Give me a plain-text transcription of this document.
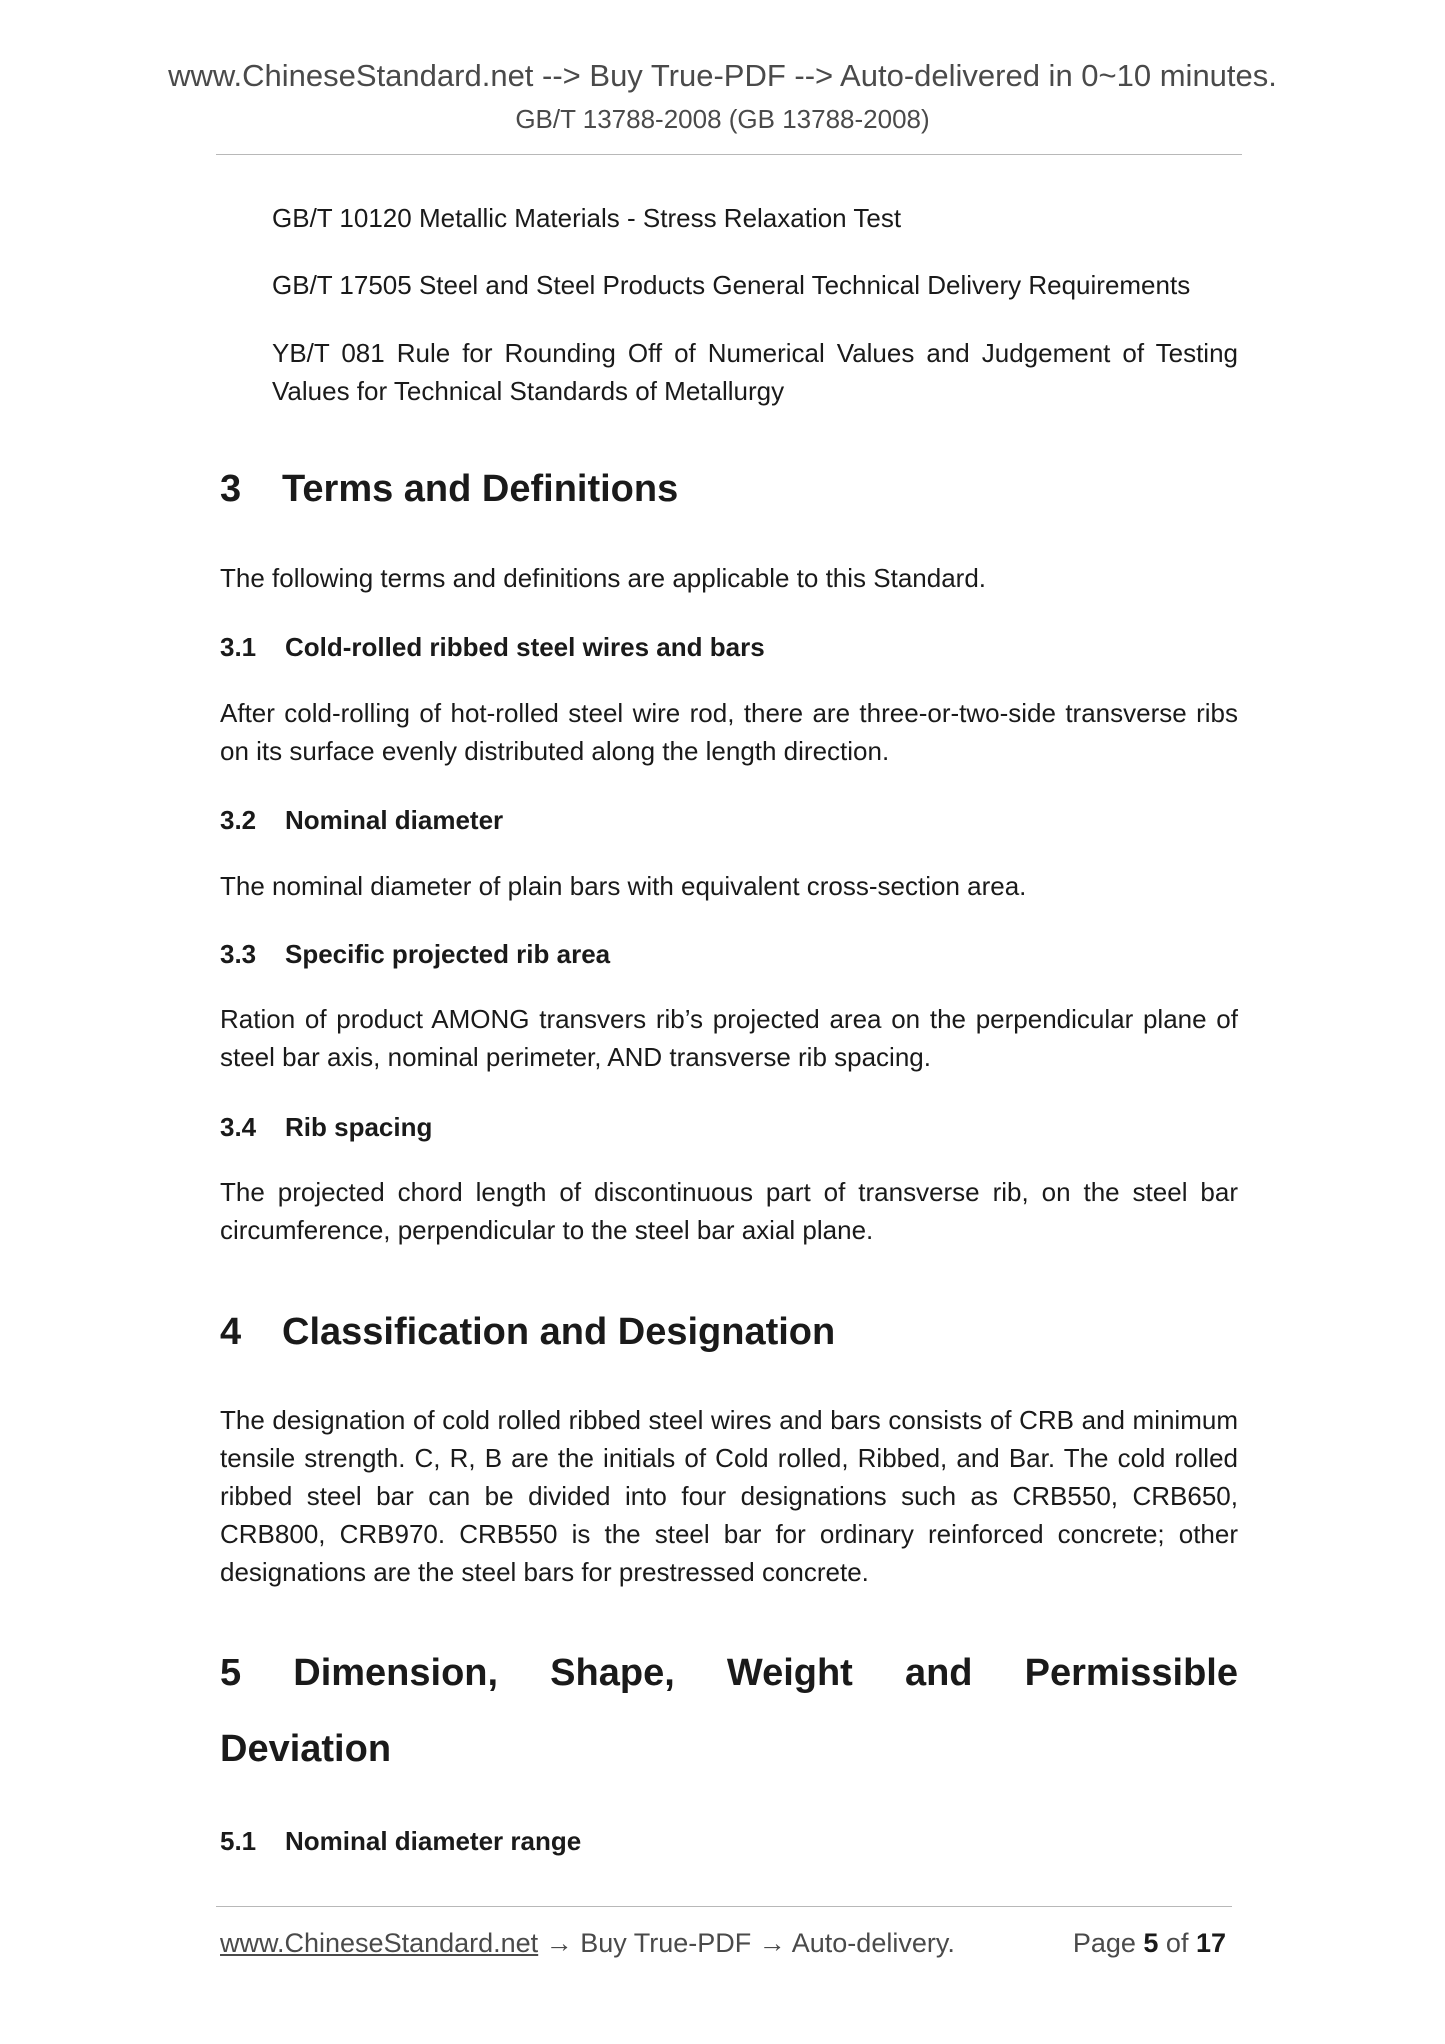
www.ChineseStandard.net --> Buy True-PDF --> Auto-delivered in 0~10 minutes.
GB/T 13788-2008 (GB 13788-2008)
GB/T 10120 Metallic Materials - Stress Relaxation Test
GB/T 17505 Steel and Steel Products General Technical Delivery Requirements
YB/T 081 Rule for Rounding Off of Numerical Values and Judgement of Testing Values for Technical Standards of Metallurgy
3 Terms and Definitions
The following terms and definitions are applicable to this Standard.
3.1 Cold-rolled ribbed steel wires and bars
After cold-rolling of hot-rolled steel wire rod, there are three-or-two-side transverse ribs on its surface evenly distributed along the length direction.
3.2 Nominal diameter
The nominal diameter of plain bars with equivalent cross-section area.
3.3 Specific projected rib area
Ration of product AMONG transvers rib’s projected area on the perpendicular plane of steel bar axis, nominal perimeter, AND transverse rib spacing.
3.4 Rib spacing
The projected chord length of discontinuous part of transverse rib, on the steel bar circumference, perpendicular to the steel bar axial plane.
4 Classification and Designation
The designation of cold rolled ribbed steel wires and bars consists of CRB and minimum tensile strength. C, R, B are the initials of Cold rolled, Ribbed, and Bar. The cold rolled ribbed steel bar can be divided into four designations such as CRB550, CRB650, CRB800, CRB970. CRB550 is the steel bar for ordinary reinforced concrete; other designations are the steel bars for prestressed concrete.
5 Dimension, Shape, Weight and Permissible
Deviation
5.1 Nominal diameter range
www.ChineseStandard.net → Buy True-PDF → Auto-delivery.	Page 5 of 17
